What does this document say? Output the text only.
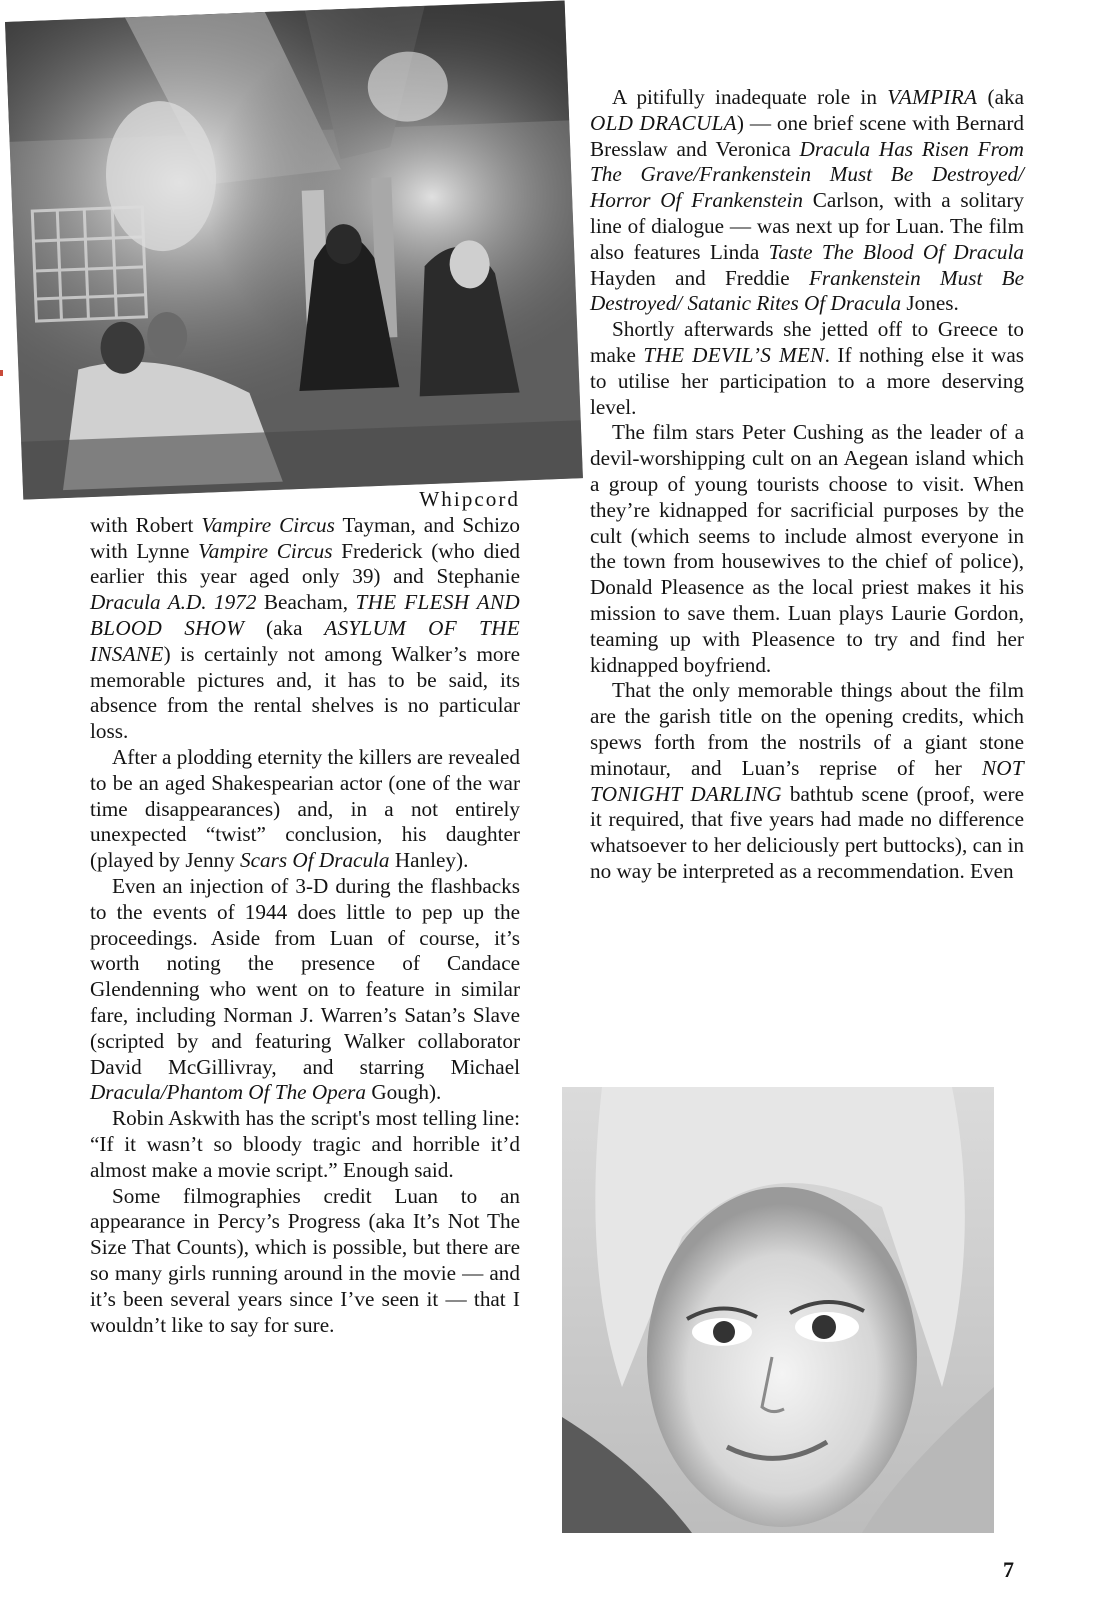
Whipcord
with Robert Vampire Circus Tayman, and Schizo with Lynne Vampire Circus Frederick (who died earlier this year aged only 39) and Stephanie Dracula A.D. 1972 Beacham, THE FLESH AND BLOOD SHOW (aka ASYLUM OF THE INSANE) is certainly not among Walker’s more memorable pictures and, it has to be said, its absence from the rental shelves is no particular loss.

After a plodding eternity the killers are revealed to be an aged Shakespearian actor (one of the war time disappearances) and, in a not entirely unexpected “twist” conclusion, his daughter (played by Jenny Scars Of Dracula Hanley).

Even an injection of 3-D during the flashbacks to the events of 1944 does little to pep up the proceedings. Aside from Luan of course, it’s worth noting the presence of Candace Glendenning who went on to feature in similar fare, including Norman J. Warren’s Satan’s Slave (scripted by and featuring Walker collaborator David McGillivray, and starring Michael Dracula/Phantom Of The Opera Gough).

Robin Askwith has the script's most telling line: “If it wasn’t so bloody tragic and horrible it’d almost make a movie script.” Enough said.

Some filmographies credit Luan to an appearance in Percy’s Progress (aka It’s Not The Size That Counts), which is possible, but there are so many girls running around in the movie — and it’s been several years since I’ve seen it — that I wouldn’t like to say for sure.

A pitifully inadequate role in VAMPIRA (aka OLD DRACULA) — one brief scene with Bernard Bresslaw and Veronica Dracula Has Risen From The Grave/Frankenstein Must Be Destroyed/ Horror Of Frankenstein Carlson, with a solitary line of dialogue — was next up for Luan. The film also features Linda Taste The Blood Of Dracula Hayden and Freddie Frankenstein Must Be Destroyed/ Satanic Rites Of Dracula Jones.

Shortly afterwards she jetted off to Greece to make THE DEVIL’S MEN. If nothing else it was to utilise her participation to a more deserving level.

The film stars Peter Cushing as the leader of a devil-worshipping cult on an Aegean island which a group of young tourists choose to visit. When they’re kidnapped for sacrificial purposes by the cult (which seems to include almost everyone in the town from housewives to the chief of police), Donald Pleasence as the local priest makes it his mission to save them. Luan plays Laurie Gordon, teaming up with Pleasence to try and find her kidnapped boyfriend.

That the only memorable things about the film are the garish title on the opening credits, which spews forth from the nostrils of a giant stone minotaur, and Luan’s reprise of her NOT TONIGHT DARLING bathtub scene (proof, were it required, that five years had made no difference whatsoever to her deliciously pert buttocks), can in no way be interpreted as a recommendation. Even

7
